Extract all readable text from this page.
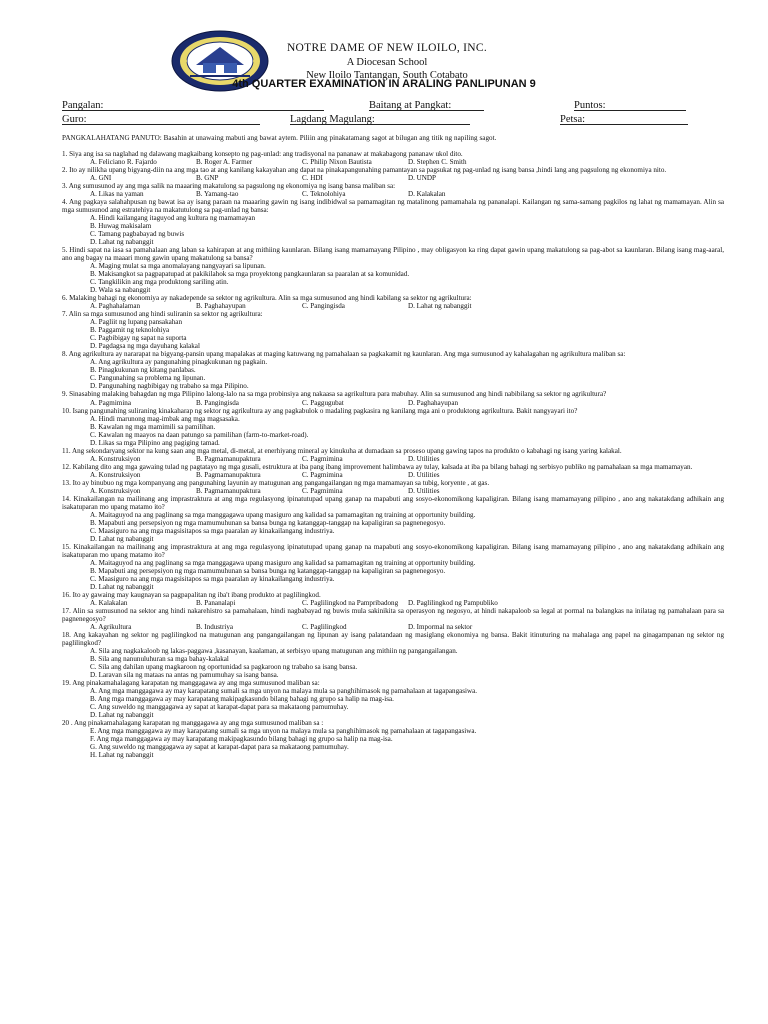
NOTRE DAME OF NEW ILOILO, INC.
A Diocesan School
New Iloilo Tantangan, South Cotabato
4th QUARTER EXAMINATION IN ARALING PANLIPUNAN 9
Pangalan:	Baitang at Pangkat:	Puntos:
Guro:	Lagdang Magulang:	Petsa:
PANGKALAHATANG PANUTO: Basahin at unawaing mabuti ang bawat aytem. Piliin ang pinakatamang sagot at bilugan ang titik ng napiling sagot.

1. Siya ang isa sa naglahad ng dalawang magkaibang konsepto ng pag-unlad: ang tradisyonal na pananaw at makabagong pananaw ukol dito.

A. Feliciano R. Fajardo	B. Roger A. Farmer	C. Philip Nixon Bautista	D. Stephen C. Smith

2. Ito ay nilikha upang bigyang-diin na ang mga tao at ang kanilang kakayahan ang dapat na pinakapangunahing pamantayan sa pagsukat ng pag-unlad ng isang bansa ,hindi lang ang pagsulong ng ekonomiya nito.

A. GNI	B. GNP	C. HDI	D. UNDP

3. Ang sumusunod ay ang mga salik na maaaring makatulong sa pagsulong ng ekonomiya ng isang bansa maliban sa:

A. Likas na yaman	B. Yamang-tao	C. Teknolohiya	D. Kalakalan

4. Ang pagkaya salahahpusan ng bawat isa ay isang paraan na maaaring gawin ng isang indibidwal sa pamamagitan ng matalinong pamamahala ng pananalapi. Kailangan ng sama-samang pagkilos ng lahat ng mamamayan. Alin sa mga sumusunod ang estratehiya na makatutulong sa pag-unlad ng bansa:

A. Hindi kailangang itaguyod ang kultura ng mamamayan

B. Huwag makisalam

C. Tamang pagbabayad ng buwis

D. Lahat ng nabanggit

5. Hindi sapat na iasa sa pamahalaan ang laban sa kahirapan at ang mithiing kaunlaran. Bilang isang mamamayang Pilipino , may obligasyon ka ring dapat gawin upang makatulong sa pag-abot sa kaunlaran. Bilang isang mag-aaral, ano ang bagay na maaari mong gawin upang makatulong sa bansa?

A. Maging mulat sa mga anomalayang nangyayari sa lipunan.

B. Makisangkot sa pagpapatupad at pakikilahok sa mga proyektong pangkaunlaran sa paaralan at sa komunidad.

C. Tangkilikin ang mga produktong sariling atin.

D. Wala sa nabanggit

6. Malaking bahagi ng ekonomiya ay nakadepende sa sektor ng agrikultura. Alin sa mga sumusunod ang hindi kabilang sa sektor ng agrikultura:

A. Paghahalaman	B. Paghahayupan	C. Pangingisda	D. Lahat ng nabanggit

7. Alin sa mga sumusunod ang hindi suliranin sa sektor ng agrikultura:

A. Pagliit ng lupang pansakahan

B. Paggamit ng teknolohiya

C. Pagbibigay ng sapat na suporta

D. Pagdagsa ng mga dayuhang kalakal

8. Ang agrikultura ay nararapat na bigyang-pansin upang mapalakas at maging katuwang ng pamahalaan sa pagkakamit ng kaunlaran. Ang mga sumusunod ay kahalagahan ng agrikultura maliban sa:

A. Ang agrikultura ay pangunahing pinagkukunan ng pagkain.

B. Pinagkukunan ng kitang panlabas.

C. Pangunahing sa problema ng lipunan.

D. Pangunahing nagbibigay ng trabaho sa mga Pilipino.

9. Sinasabing malaking bahagdan ng mga Pilipino lalong-lalo na sa mga probinsiya ang nakaasa sa agrikultura para mabuhay. Alin sa sumusunod ang hindi nabibilang sa sektor ng agrikultura?

A. Pagmimina	B. Pangingisda	C. Paggugubat	D. Paghahayupan

10. Isang pangunahing suliraning kinakaharap ng sektor ng agrikultura ay ang pagkabulok o madaling pagkasira ng kanilang mga ani o produktong agrikultura. Bakit nangyayari ito?

A. Hindi marunong mag-imbak ang mga magsasaka.

B. Kawalan ng mga mamimili sa pamilihan.

C. Kawalan ng maayos na daan patungo sa pamilihan (farm-to-market-road).

D. Likas sa mga Pilipino ang pagiging tamad.

11. Ang sekondaryang sektor na kung saan ang mga metal, di-metal, at enerhiyang mineral ay kinukuha at dumadaan sa proseso upang gawing tapos na produkto o kabahagi ng isang yaring kalakal.

A. Konstruksiyon	B. Pagmamanupaktura	C. Pagmimina	D. Utilities

12. Kabilang dito ang mga gawaing tulad ng pagtatayo ng mga gusali, estruktura at iba pang ibang improvement halimbawa ay tulay, kalsada at iba pa bilang bahagi ng serbisyo publiko ng pamahalaan sa mga mamamayan.

A. Konstruksiyon	B. Pagmamanupaktura	C. Pagmimina	D. Utilities

13. Ito ay binubuo ng mga kompanyang ang pangunahing layunin ay matugunan ang pangangailangan ng mga mamamayan sa tubig, koryente , at gas.

A. Konstruksiyon	B. Pagmamanupaktura	C. Pagmimina	D. Utilities

14. Kinakailangan na mailinang ang imprastraktura at ang mga regulasyong ipinatutupad upang ganap na mapabuti ang sosyo-ekonomikong kapaligiran. Bilang isang mamamayang pilipino , ano ang nakatakdang adhikain ang isakatuparan mo upang matamo ito?

A. Maitaguyod na ang paglinang sa mga manggagawa upang masiguro ang kalidad sa pamamagitan ng training at opportunity building.

B. Mapabuti ang persepsiyon ng mga mamumuhunan sa bansa bunga ng katanggap-tanggap na kapaligiran sa pagnenegosyo.

C. Maasiguro na ang mga magsisitapos sa mga paaralan ay kinakailangang industriya.

D. Lahat ng nabanggit

15. Kinakailangan na mailinang ang imprastraktura at ang mga regulasyong ipinatutupad upang ganap na mapabuti ang sosyo-ekonomikong kapaligiran. Bilang isang mamamayang pilipino , ano ang nakatakdang adhikain ang isakatuparan mo upang matamo ito?

A. Maitaguyod na ang paglinang sa mga manggagawa upang masiguro ang kalidad sa pamamagitan ng training at opportunity building.

B. Mapabuti ang persepsiyon ng mga mamumuhunan sa bansa bunga ng katanggap-tanggap na kapaligiran sa pagnenegosyo.

C. Maasiguro na ang mga magsisitapos sa mga paaralan ay kinakailangang industriya.

D. Lahat ng nabanggit

16. Ito ay gawaing may kaugnayan sa pagpapalitan ng iba't ibang produkto at paglilingkod.

A. Kalakalan	B. Pananalapi	C. Paglilingkod na Pampribadong	D. Paglilingkod ng Pampubliko

17. Alin sa sumusunod na sektor ang hindi nakarehistro sa pamahalaan, hindi nagbabayad ng buwis mula sakinikita sa operasyon ng negosyo, at hindi nakapaloob sa legal at pormal na balangkas na inilatag ng pamahalaan para sa pagnenegosyo?

A. Agrikultura	B. Industriya	C. Paglilingkod	D. Impormal na sektor

18. Ang kakayahan ng sektor ng paglilingkod na matugunan ang pangangailangan ng lipunan ay isang palatandaan ng masiglang ekonomiya ng bansa. Bakit itinuturing na mahalaga ang papel na ginagampanan ng sektor ng paglilingkod?

A. Sila ang nagkakaloob ng lakas-paggawa ,kasanayan, kaalaman, at serbisyo upang matugunan ang mithiin ng pangangailangan.

B. Sila ang nanunuluhuran sa mga bahay-kalakal

C. Sila ang dahilan upang magkaroon ng oportunidad sa pagkaroon ng trabaho sa isang bansa.

D. Laravan sila ng mataas na antas ng pamumuhay sa isang bansa.

19. Ang pinakamahalagang karapatan ng manggagawa ay ang mga sumusunod maliban sa:

A. Ang mga manggagawa ay may karapatang sumali sa mga unyon na malaya mula sa panghihimasok ng pamahalaan at tagapangasiwa.

B. Ang mga manggagawa ay may karapatang makipagkasundo bilang bahagi ng grupo sa halip na mag-isa.

C. Ang suweldo ng manggagawa ay sapat at karapat-dapat para sa makataong pamumuhay.

D. Lahat ng nabanggit

20 . Ang pinakamahalagang karapatan ng manggagawa ay ang mga sumusunod maliban sa :

E. Ang mga manggagawa ay may karapatang sumali sa mga unyon na malaya mula sa panghihimasok ng pamahalaan at tagapangasiwa.

F. Ang mga manggagawa ay may karapatang makipagkasundo bilang bahagi ng grupo sa halip na mag-isa.

G. Ang suweldo ng manggagawa ay sapat at karapat-dapat para sa makataong pamumuhay.

H. Lahat ng nabanggit
